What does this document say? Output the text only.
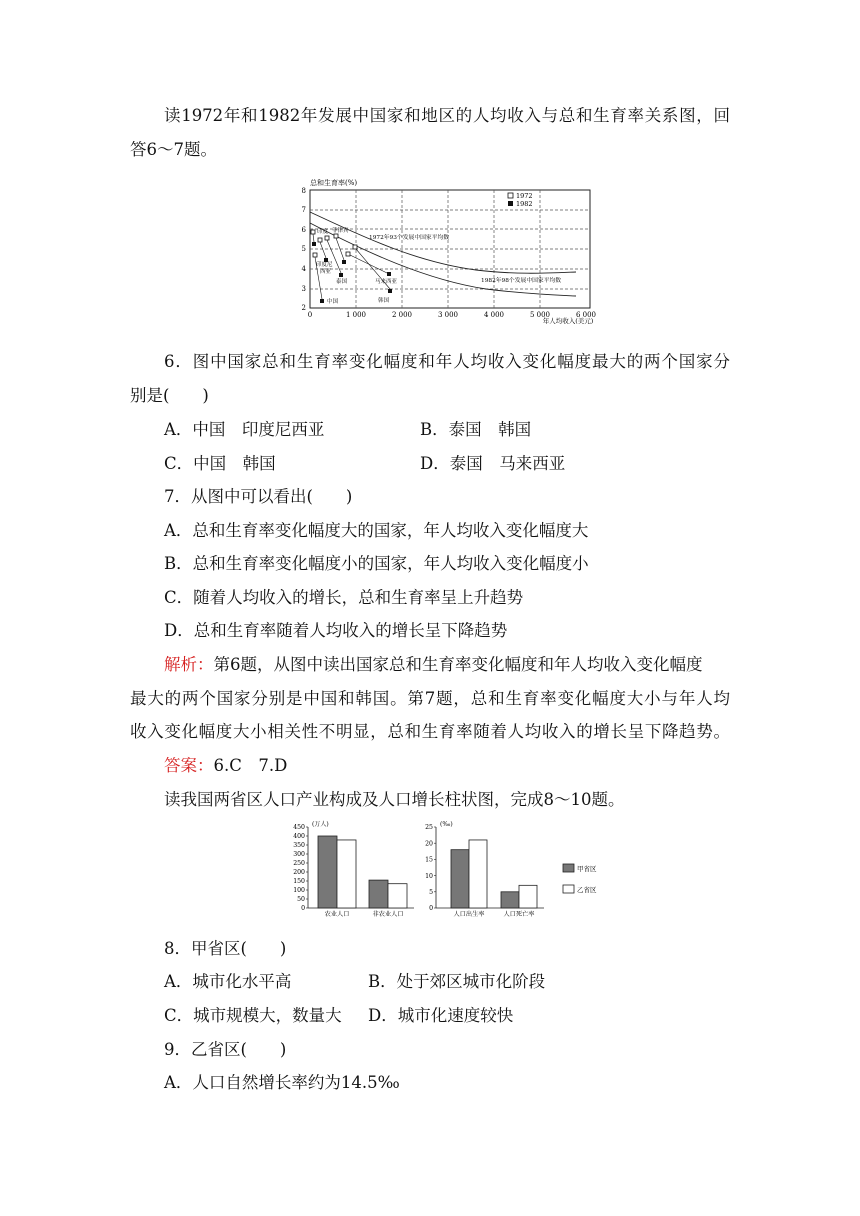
读1972年和1982年发展中国家和地区的人均收入与总和生育率关系图，回
答6～7题。
总和生育率(%)
年人均收入(美元)
2
3
4
5
6
7
8
0	1 000	2 000	3 000	4 000	5 000	6 000
1972
1982
1972年93个发展中国家平均数
1982年98个发展中国家平均数
印度 菲律宾
印度尼
西亚
泰国	马来西亚
中国	韩国
6．图中国家总和生育率变化幅度和年人均收入变化幅度最大的两个国家分
别是(　　)
A．中国　印度尼西亚	B．泰国　韩国
C．中国　韩国	D．泰国　马来西亚
7．从图中可以看出(　　)
A．总和生育率变化幅度大的国家，年人均收入变化幅度大
B．总和生育率变化幅度小的国家，年人均收入变化幅度小
C．随着人均收入的增长，总和生育率呈上升趋势
D．总和生育率随着人均收入的增长呈下降趋势
解析：第6题，从图中读出国家总和生育率变化幅度和年人均收入变化幅度
最大的两个国家分别是中国和韩国。第7题，总和生育率变化幅度大小与年人均
收入变化幅度大小相关性不明显，总和生育率随着人均收入的增长呈下降趋势。
答案：6.C　7.D
读我国两省区人口产业构成及人口增长柱状图，完成8～10题。
0
50
100
150
200
250
300
350
400
450 (万人)
农业人口	非农业人口
0
5
10
15
20
25 (‰)
人口出生率	人口死亡率
甲省区
乙省区
8．甲省区(　　)
A．城市化水平高	B．处于郊区城市化阶段
C．城市规模大，数量大 D．城市化速度较快
9．乙省区(　　)
A．人口自然增长率约为14.5‰
